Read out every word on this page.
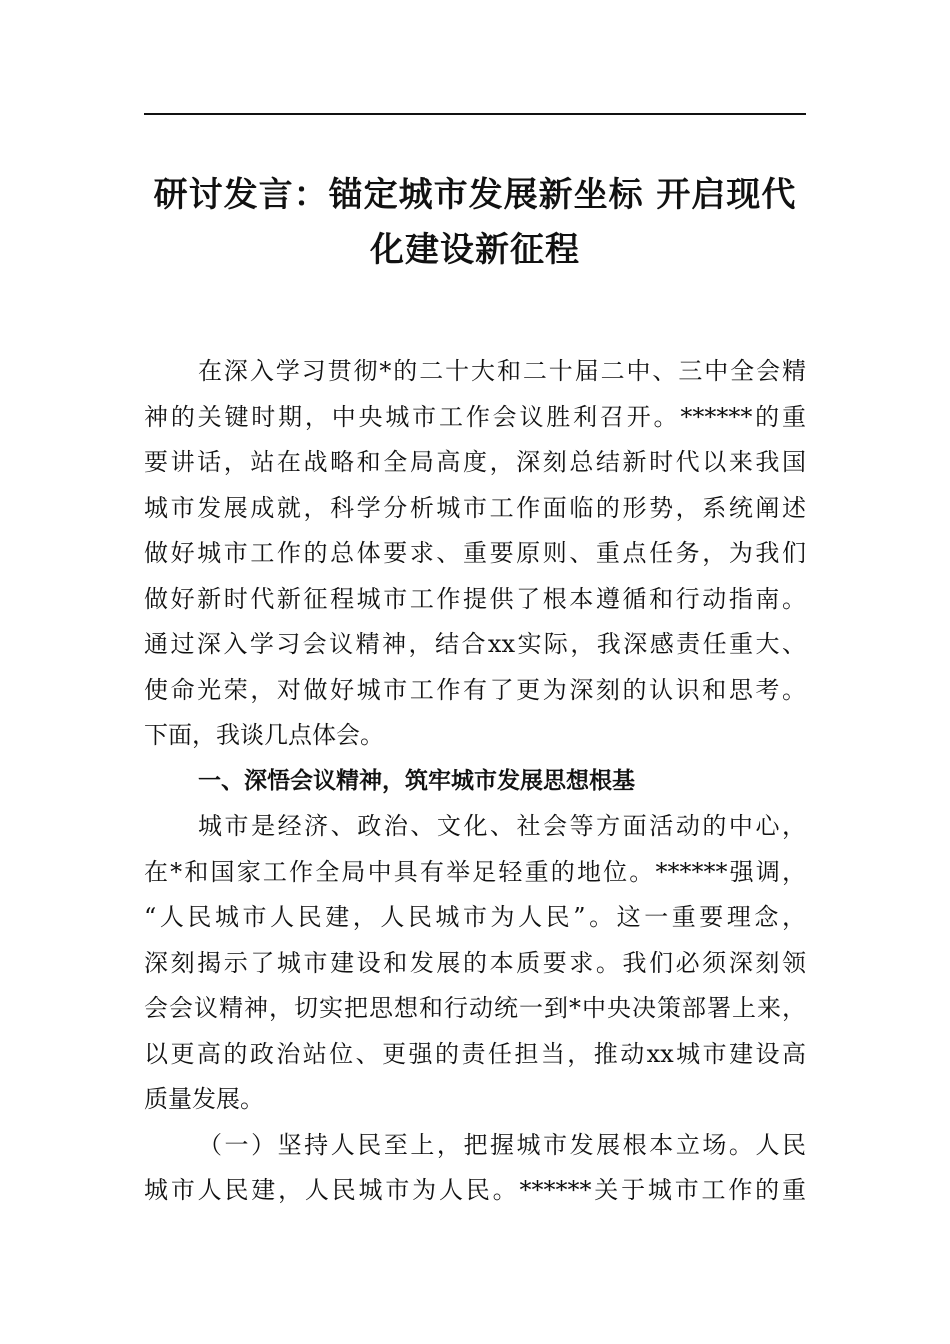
研讨发言：锚定城市发展新坐标 开启现代
化建设新征程
在深入学习贯彻*的二十大和二十届二中、三中全会精
神的关键时期，中央城市工作会议胜利召开。******的重
要讲话，站在战略和全局高度，深刻总结新时代以来我国
城市发展成就，科学分析城市工作面临的形势，系统阐述
做好城市工作的总体要求、重要原则、重点任务，为我们
做好新时代新征程城市工作提供了根本遵循和行动指南。
通过深入学习会议精神，结合xx实际，我深感责任重大、
使命光荣，对做好城市工作有了更为深刻的认识和思考。
下面，我谈几点体会。
一、深悟会议精神，筑牢城市发展思想根基
城市是经济、政治、文化、社会等方面活动的中心，
在*和国家工作全局中具有举足轻重的地位。******强调，
“人民城市人民建，人民城市为人民”。这一重要理念，
深刻揭示了城市建设和发展的本质要求。我们必须深刻领
会会议精神，切实把思想和行动统一到*中央决策部署上来，
以更高的政治站位、更强的责任担当，推动xx城市建设高
质量发展。
（一）坚持人民至上，把握城市发展根本立场。人民
城市人民建，人民城市为人民。******关于城市工作的重
